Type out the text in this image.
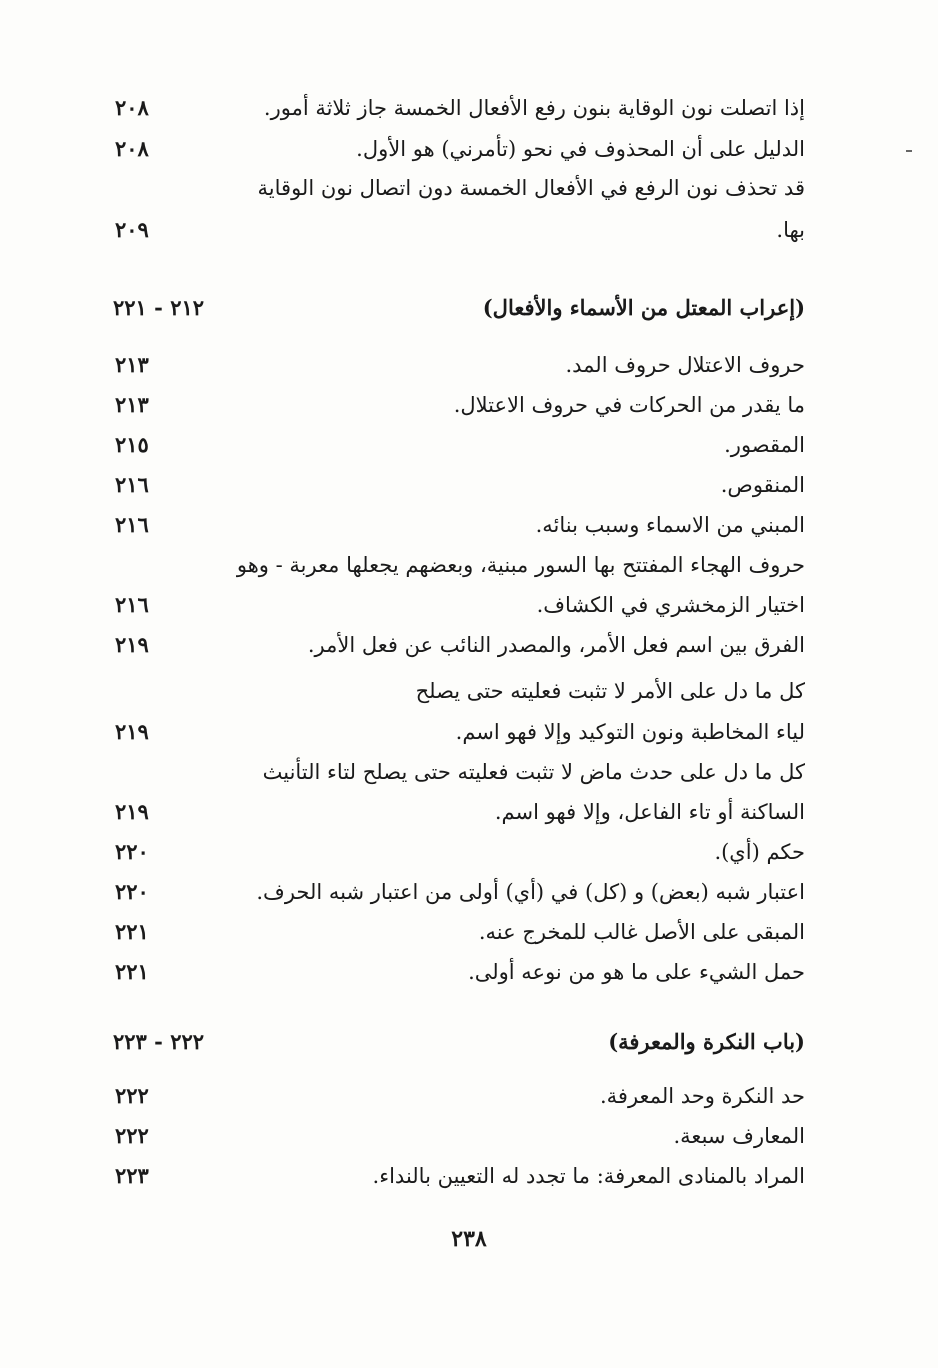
إذا اتصلت نون الوقاية بنون رفع الأفعال الخمسة جاز ثلاثة أمور.
٢٠٨
الدليل على أن المحذوف في نحو (تأمرني) هو الأول.
٢٠٨
قد تحذف نون الرفع في الأفعال الخمسة دون اتصال نون الوقاية
بها.
٢٠٩
(إعراب المعتل من الأسماء والأفعال)
٢١٢ - ٢٢١
حروف الاعتلال حروف المد.
٢١٣
ما يقدر من الحركات في حروف الاعتلال.
٢١٣
المقصور.
٢١٥
المنقوص.
٢١٦
المبني من الاسماء وسبب بنائه.
٢١٦
حروف الهجاء المفتتح بها السور مبنية، وبعضهم يجعلها معربة - وهو
اختيار الزمخشري في الكشاف.
٢١٦
الفرق بين اسم فعل الأمر، والمصدر النائب عن فعل الأمر.
٢١٩
كل ما دل على الأمر لا تثبت فعليته حتى يصلح
لياء المخاطبة ونون التوكيد وإلا فهو اسم.
٢١٩
كل ما دل على حدث ماض لا تثبت فعليته حتى يصلح لتاء التأنيث
الساكنة أو تاء الفاعل، وإلا فهو اسم.
٢١٩
حكم (أي).
٢٢٠
اعتبار شبه (بعض) و (كل) في (أي) أولى من اعتبار شبه الحرف.
٢٢٠
المبقى على الأصل غالب للمخرج عنه.
٢٢١
حمل الشيء على ما هو من نوعه أولى.
٢٢١
(باب النكرة والمعرفة)
٢٢٢ - ٢٢٣
حد النكرة وحد المعرفة.
٢٢٢
المعارف سبعة.
٢٢٢
المراد بالمنادى المعرفة: ما تجدد له التعيين بالنداء.
٢٢٣
٢٣٨
